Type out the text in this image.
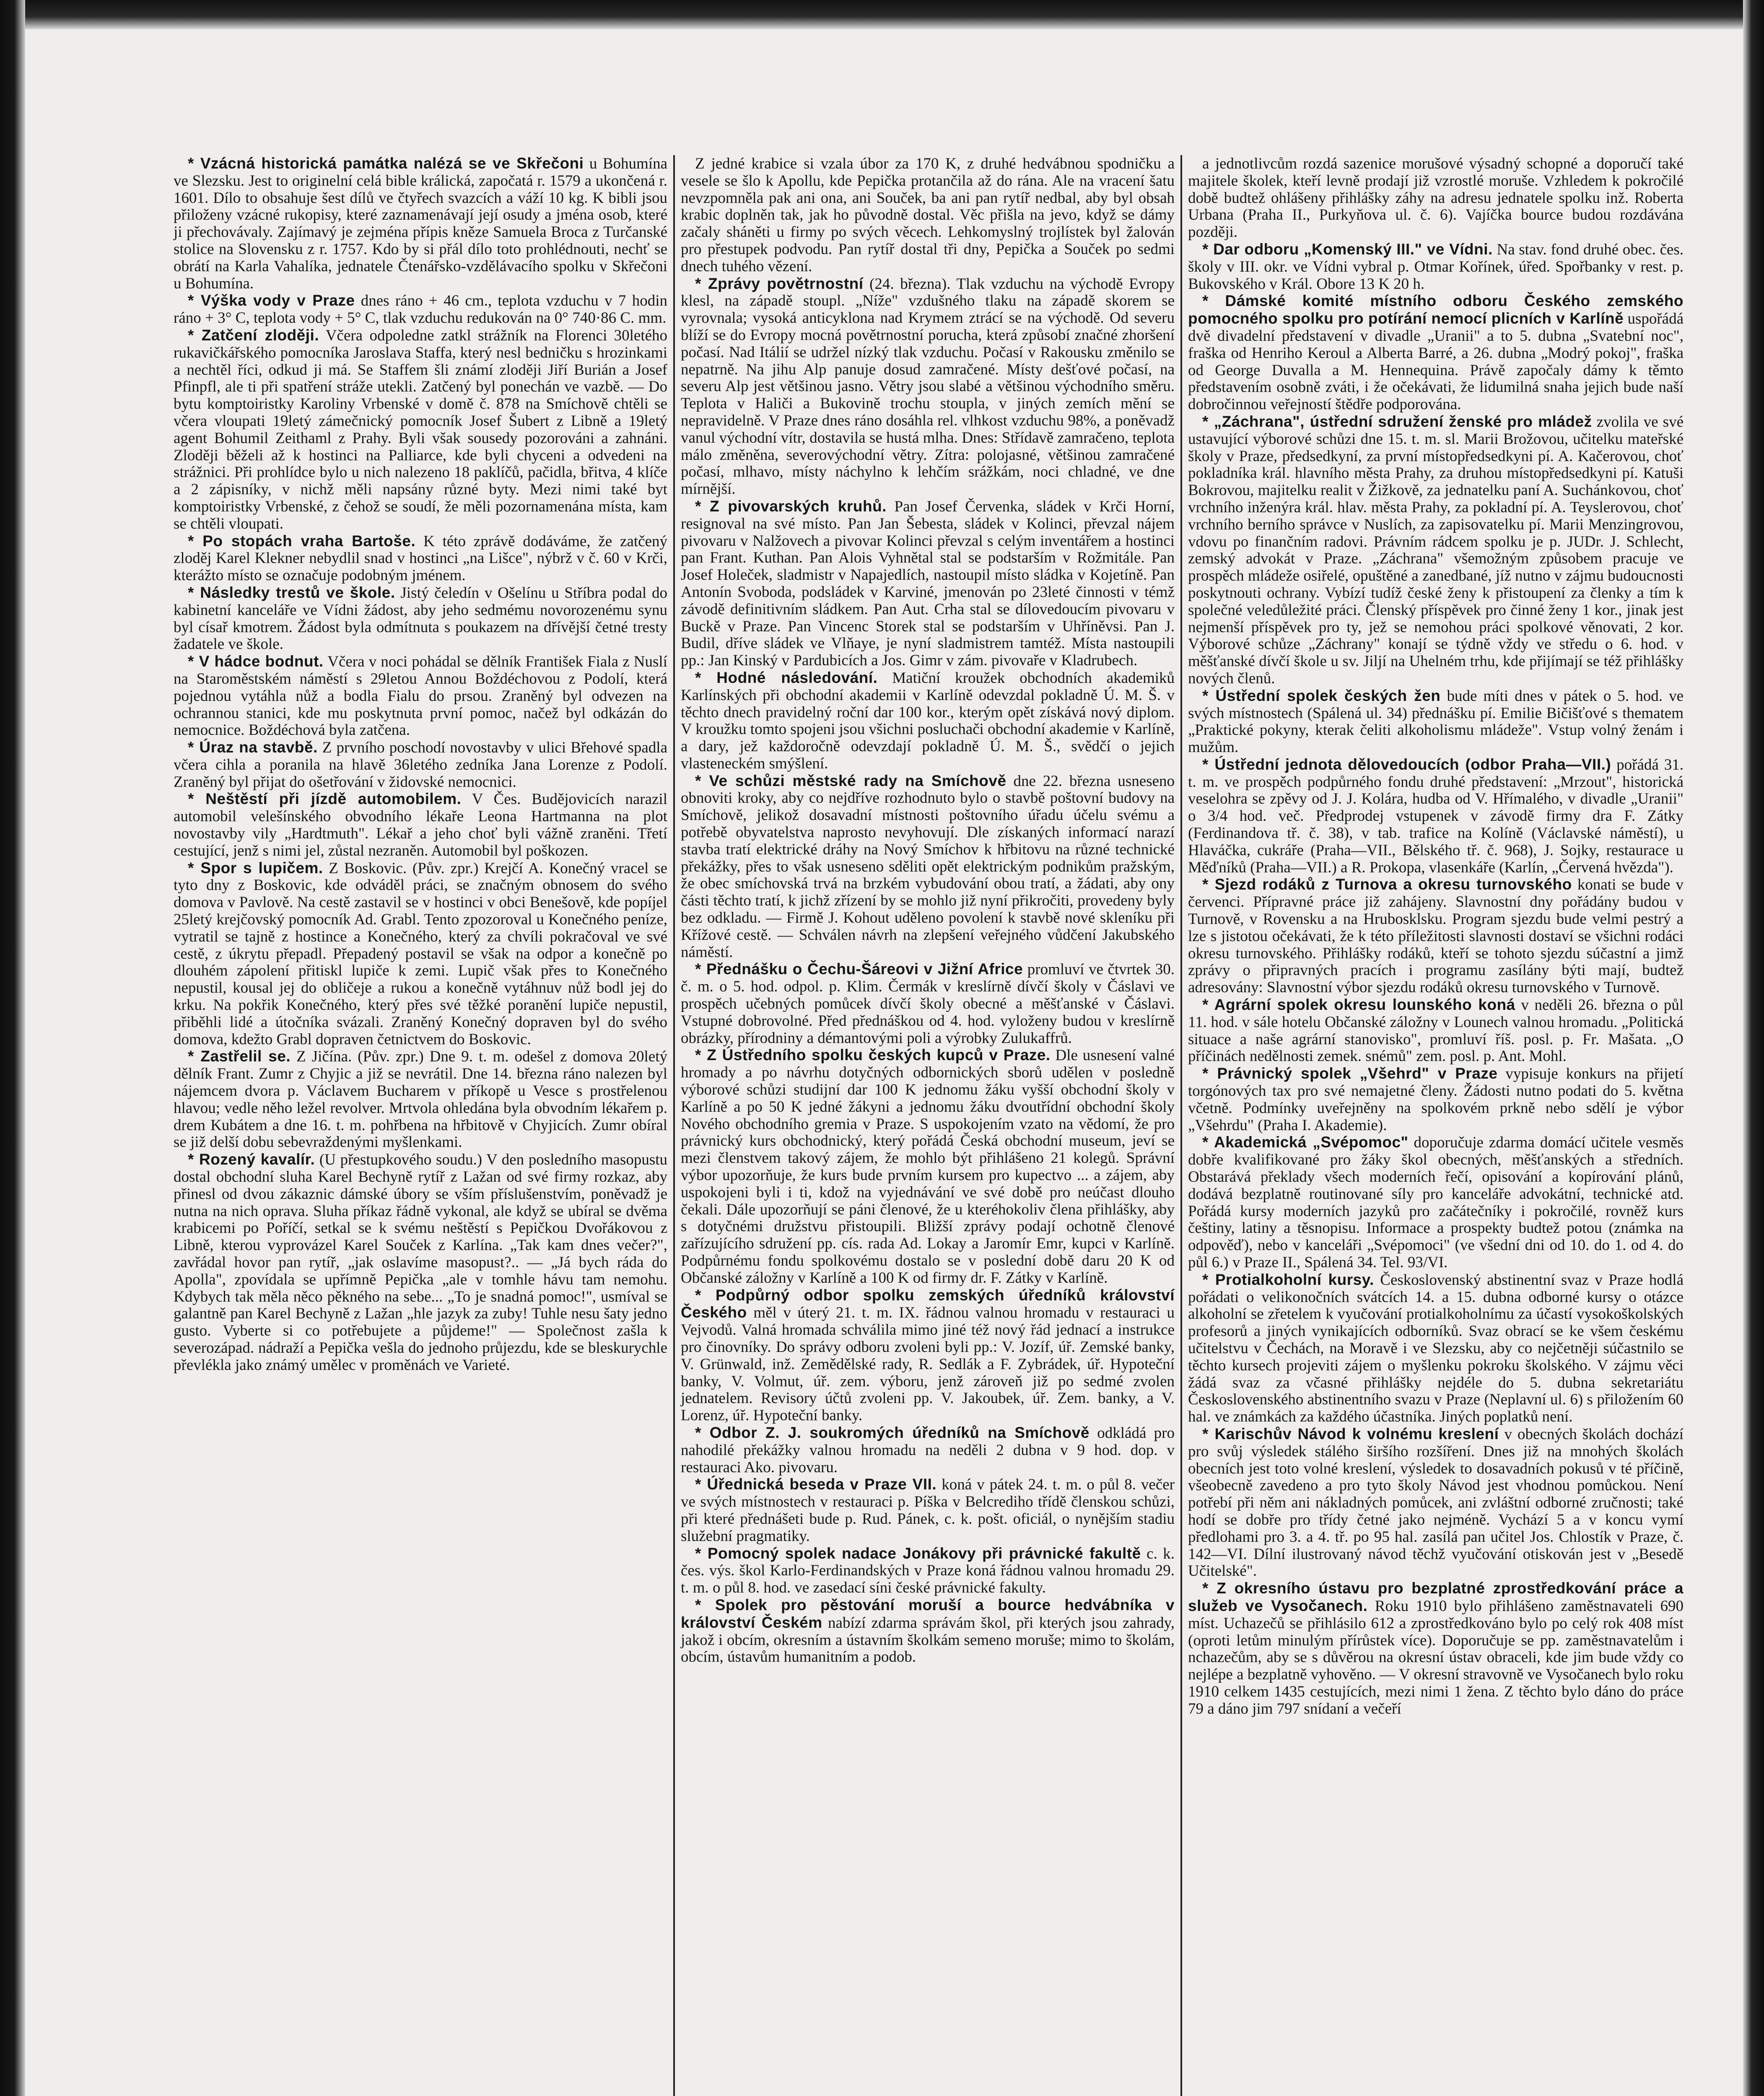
* Vzácná historická památka nalézá se ve Skřečoni u Bohumína ve Slezsku. Jest to originelní celá bible králická, započatá r. 1579 a ukončená r. 1601. Dílo to obsahuje šest dílů ve čtyřech svazcích a váží 10 kg. K bibli jsou přiloženy vzácné rukopisy, které zaznamenávají její osudy a jména osob, které ji přechovávaly. Zajímavý je zejména přípis kněze Samuela Broca z Turčanské stolice na Slovensku z r. 1757. Kdo by si přál dílo toto prohlédnouti, nechť se obrátí na Karla Vahalíka, jednatele Čtenářsko-vzdělávacího spolku v Skřečoni u Bohumína.

* Výška vody v Praze dnes ráno + 46 cm., teplota vzduchu v 7 hodin ráno + 3° C, teplota vody + 5° C, tlak vzduchu redukován na 0° 740·86 C. mm.

* Zatčení zloději. Včera odpoledne zatkl strážník na Florenci 30letého rukavičkářského pomocníka Jaroslava Staffa, který nesl bedničku s hrozinkami a nechtěl říci, odkud ji má. Se Staffem šli známí zloději Jiří Burián a Josef Pfinpfl, ale ti při spatření stráže utekli. Zatčený byl ponechán ve vazbě. — Do bytu komptoiristky Karoliny Vrbenské v domě č. 878 na Smíchově chtěli se včera vloupati 19letý zámečnický pomocník Josef Šubert z Libně a 19letý agent Bohumil Zeithaml z Prahy. Byli však sousedy pozorováni a zahnáni. Zloději běželi až k hostinci na Palliarce, kde byli chyceni a odvedeni na strážnici. Při prohlídce bylo u nich nalezeno 18 paklíčů, pačidla, břitva, 4 klíče a 2 zápisníky, v nichž měli napsány různé byty. Mezi nimi také byt komptoiristky Vrbenské, z čehož se soudí, že měli pozornamenána místa, kam se chtěli vloupati.

* Po stopách vraha Bartoše. K této zprávě dodáváme, že zatčený zloděj Karel Klekner nebydlil snad v hostinci „na Lišce", nýbrž v č. 60 v Krči, kterážto místo se označuje podobným jménem.

* Následky trestů ve škole. Jistý čeledín v Ošelínu u Stříbra podal do kabinetní kanceláře ve Vídni žádost, aby jeho sedmému novorozenému synu byl císař kmotrem. Žádost byla odmítnuta s poukazem na dřívější četné tresty žadatele ve škole.

* V hádce bodnut. Včera v noci pohádal se dělník František Fiala z Nuslí na Staroměstském náměstí s 29letou Annou Boždéchovou z Podolí, která pojednou vytáhla nůž a bodla Fialu do prsou. Zraněný byl odvezen na ochrannou stanici, kde mu poskytnuta první pomoc, načež byl odkázán do nemocnice. Boždéchová byla zatčena.

* Úraz na stavbě. Z prvního poschodí novostavby v ulici Břehové spadla včera cihla a poranila na hlavě 36letého zedníka Jana Lorenze z Podolí. Zraněný byl přijat do ošetřování v židovské nemocnici.

* Neštěstí při jízdě automobilem. V Čes. Budějovicích narazil automobil velešínského obvodního lékaře Leona Hartmanna na plot novostavby vily „Hardtmuth". Lékař a jeho choť byli vážně zraněni. Třetí cestující, jenž s nimi jel, zůstal nezraněn. Automobil byl poškozen.

* Spor s lupičem. Z Boskovic. (Pův. zpr.) Krejčí A. Konečný vracel se tyto dny z Boskovic, kde odváděl práci, se značným obnosem do svého domova v Pavlově. Na cestě zastavil se v hostinci v obci Benešově, kde popíjel 25letý krejčovský pomocník Ad. Grabl. Tento zpozoroval u Konečného peníze, vytratil se tajně z hostince a Konečného, který za chvíli pokračoval ve své cestě, z úkrytu přepadl. Přepadený postavil se však na odpor a konečně po dlouhém zápolení přitiskl lupiče k zemi. Lupič však přes to Konečného nepustil, kousal jej do obličeje a rukou a konečně vytáhnuv nůž bodl jej do krku. Na pokřik Konečného, který přes své těžké poranění lupiče nepustil, přiběhli lidé a útočníka svázali. Zraněný Konečný dopraven byl do svého domova, kdežto Grabl dopraven četnictvem do Boskovic.

* Zastřelil se. Z Jičína. (Pův. zpr.) Dne 9. t. m. odešel z domova 20letý dělník Frant. Zumr z Chyjic a již se nevrátil. Dne 14. března ráno nalezen byl nájemcem dvora p. Václavem Bucharem v příkopě u Vesce s prostřelenou hlavou; vedle něho ležel revolver. Mrtvola ohledána byla obvodním lékařem p. drem Kubátem a dne 16. t. m. pohřbena na hřbitově v Chyjicích. Zumr obíral se již delší dobu sebevraždenými myšlenkami.

* Rozený kavalír. (U přestupkového soudu.) V den posledního masopustu dostal obchodní sluha Karel Bechyně rytíř z Lažan od své firmy rozkaz, aby přinesl od dvou zákaznic dámské úbory se vším příslušenstvím, poněvadž je nutna na nich oprava. Sluha příkaz řádně vykonal, ale když se ubíral se dvěma krabicemi po Poříčí, setkal se k svému neštěstí s Pepičkou Dvořákovou z Libně, kterou vyprovázel Karel Souček z Karlína. „Tak kam dnes večer?", zavřádal hovor pan rytíř, „jak oslavíme masopust?.. — „Já bych ráda do Apolla", zpovídala se upřímně Pepička „ale v tomhle hávu tam nemohu. Kdybych tak měla něco pěkného na sebe... „To je snadná pomoc!", usmíval se galantně pan Karel Bechyně z Lažan „hle jazyk za zuby! Tuhle nesu šaty jedno gusto. Vyberte si co potřebujete a půjdeme!" — Společnost zašla k severozápad. nádraží a Pepička vešla do jednoho průjezdu, kde se bleskurychle převlékla jako známý umělec v proměnách ve Varieté.

Z jedné krabice si vzala úbor za 170 K, z druhé hedvábnou spodničku a vesele se šlo k Apollu, kde Pepička protančila až do rána. Ale na vracení šatu nevzpomněla pak ani ona, ani Souček, ba ani pan rytíř nedbal, aby byl obsah krabic doplněn tak, jak ho původně dostal. Věc přišla na jevo, když se dámy začaly sháněti u firmy po svých věcech. Lehkomyslný trojlístek byl žalován pro přestupek podvodu. Pan rytíř dostal tři dny, Pepička a Souček po sedmi dnech tuhého vězení.

* Zprávy povětrnostní (24. března). Tlak vzduchu na východě Evropy klesl, na západě stoupl. „Níže" vzdušného tlaku na západě skorem se vyrovnala; vysoká anticyklona nad Krymem ztrácí se na východě. Od severu blíží se do Evropy mocná povětrnostní porucha, která způsobí značné zhoršení počasí. Nad Itálií se udržel nízký tlak vzduchu. Počasí v Rakousku změnilo se nepatrně. Na jihu Alp panuje dosud zamračené. Místy dešťové počasí, na severu Alp jest většinou jasno. Větry jsou slabé a většinou východního směru. Teplota v Haliči a Bukovině trochu stoupla, v jiných zemích mění se nepravidelně. V Praze dnes ráno dosáhla rel. vlhkost vzduchu 98%, a poněvadž vanul východní vítr, dostavila se hustá mlha. Dnes: Střídavě zamračeno, teplota málo změněna, severovýchodní větry. Zítra: polojasné, většinou zamračené počasí, mlhavo, místy náchylno k lehčím srážkám, noci chladné, ve dne mírnější.

* Z pivovarských kruhů. Pan Josef Červenka, sládek v Krči Horní, resignoval na své místo. Pan Jan Šebesta, sládek v Kolinci, převzal nájem pivovaru v Nalžovech a pivovar Kolinci převzal s celým inventářem a hostinci pan Frant. Kuthan. Pan Alois Vyhnětal stal se podstarším v Rožmitále. Pan Josef Holeček, sladmistr v Napajedlích, nastoupil místo sládka v Kojetíně. Pan Antonín Svoboda, podsládek v Karviné, jmenován po 23leté činnosti v témž závodě definitivním sládkem. Pan Aut. Crha stal se dílovedoucím pivovaru v Buckě v Praze. Pan Vincenc Storek stal se podstarším v Uhříněvsi. Pan J. Budil, dříve sládek ve Vlňaye, je nyní sladmistrem tamtéž. Místa nastoupili pp.: Jan Kinský v Pardubicích a Jos. Gimr v zám. pivovaře v Kladrubech.

* Hodné následování. Matiční kroužek obchodních akademiků Karlínských při obchodní akademii v Karlíně odevzdal pokladně Ú. M. Š. v těchto dnech pravidelný roční dar 100 kor., kterým opět získává nový diplom. V kroužku tomto spojeni jsou všichni posluchači obchodní akademie v Karlíně, a dary, jež každoročně odevzdají pokladně Ú. M. Š., svědčí o jejich vlasteneckém smýšlení.

* Ve schůzi městské rady na Smíchově dne 22. března usneseno obnoviti kroky, aby co nejdříve rozhodnuto bylo o stavbě poštovní budovy na Smíchově, jelikož dosavadní místnosti poštovního úřadu účelu svému a potřebě obyvatelstva naprosto nevyhovují. Dle získaných informací narazí stavba tratí elektrické dráhy na Nový Smíchov k hřbitovu na různé technické překážky, přes to však usneseno sděliti opět elektrickým podnikům pražským, že obec smíchovská trvá na brzkém vybudování obou tratí, a žádati, aby ony části těchto tratí, k jichž zřízení by se mohlo již nyní přikročiti, provedeny byly bez odkladu. — Firmě J. Kohout uděleno povolení k stavbě nové skleníku při Křížové cestě. — Schválen návrh na zlepšení veřejného vůdčení Jakubského náměstí.

* Přednášku o Čechu-Šáreovi v Jižní Africe promluví ve čtvrtek 30. č. m. o 5. hod. odpol. p. Klim. Čermák v kreslírně dívčí školy v Čáslavi ve prospěch učebných pomůcek dívčí školy obecné a měšťanské v Čáslavi. Vstupné dobrovolné. Před přednáškou od 4. hod. vyloženy budou v kreslírně obrázky, přírodniny a démantovými poli a výrobky Zulukaffrů.

* Z Ústředního spolku českých kupců v Praze. Dle usnesení valné hromady a po návrhu dotyčných odbornických sborů udělen v posledně výborové schůzi studijní dar 100 K jednomu žáku vyšší obchodní školy v Karlíně a po 50 K jedné žákyni a jednomu žáku dvoutřídní obchodní školy Nového obchodního gremia v Praze. S uspokojením vzato na vědomí, že pro právnický kurs obchodnický, který pořádá Česká obchodní museum, jeví se mezi členstvem takový zájem, že mohlo být přihlášeno 21 kolegů. Správní výbor upozorňuje, že kurs bude prvním kursem pro kupectvo ... a zájem, aby uspokojeni byli i ti, kdož na vyjednávání ve své době pro neúčast dlouho čekali. Dále upozorňují se páni členové, že u kteréhokoliv člena přihlášky, aby s dotyčnémi družstvu přistoupili. Bližší zprávy podají ochotně členové zařízujícího sdružení pp. cís. rada Ad. Lokay a Jaromír Emr, kupci v Karlíně. Podpůrnému fondu spolkovému dostalo se v poslední době daru 20 K od Občanské záložny v Karlíně a 100 K od firmy dr. F. Zátky v Karlíně.

* Podpůrný odbor spolku zemských úředníků království Českého měl v úterý 21. t. m. IX. řádnou valnou hromadu v restauraci u Vejvodů. Valná hromada schválila mimo jiné též nový řád jednací a instrukce pro činovníky. Do správy odboru zvoleni byli pp.: V. Jozíf, úř. Zemské banky, V. Grünwald, inž. Zemědělské rady, R. Sedlák a F. Zybrádek, úř. Hypoteční banky, V. Volmut, úř. zem. výboru, jenž zároveň již po sedmé zvolen jednatelem. Revisory účtů zvoleni pp. V. Jakoubek, úř. Zem. banky, a V. Lorenz, úř. Hypoteční banky.

* Odbor Z. J. soukromých úředníků na Smíchově odkládá pro nahodilé překážky valnou hromadu na neděli 2 dubna v 9 hod. dop. v restauraci Ako. pivovaru.

* Úřednická beseda v Praze VII. koná v pátek 24. t. m. o půl 8. večer ve svých místnostech v restauraci p. Píška v Belcrediho třídě členskou schůzi, při které přednášeti bude p. Rud. Pánek, c. k. pošt. oficiál, o nynějším stadiu služební pragmatiky.

* Pomocný spolek nadace Jonákovy při právnické fakultě c. k. čes. výs. škol Karlo-Ferdinandských v Praze koná řádnou valnou hromadu 29. t. m. o půl 8. hod. ve zasedací síni české právnické fakulty.

* Spolek pro pěstování moruší a bource hedvábníka v království Českém nabízí zdarma správám škol, při kterých jsou zahrady, jakož i obcím, okresním a ústavním školkám semeno moruše; mimo to školám, obcím, ústavům humanitním a podob.

a jednotlivcům rozdá sazenice morušové výsadný schopné a doporučí také majitele školek, kteří levně prodají již vzrostlé moruše. Vzhledem k pokročilé době budtež ohlášeny přihlášky záhy na adresu jednatele spolku inž. Roberta Urbana (Praha II., Purkyňova ul. č. 6). Vajíčka bource budou rozdávána později.

* Dar odboru „Komenský III." ve Vídni. Na stav. fond druhé obec. čes. školy v III. okr. ve Vídni vybral p. Otmar Kořínek, úřed. Spořbanky v rest. p. Bukovského v Král. Obore 13 K 20 h.

* Dámské komité místního odboru Českého zemského pomocného spolku pro potírání nemocí plicních v Karlíně uspořádá dvě divadelní představení v divadle „Uranii" a to 5. dubna „Svatební noc", fraška od Henriho Keroul a Alberta Barré, a 26. dubna „Modrý pokoj", fraška od George Duvalla a M. Hennequina. Právě započaly dámy k těmto představením osobně zváti, i že očekávati, že lidumilná snaha jejich bude naší dobročinnou veřejností štědře podporována.

* „Záchrana", ústřední sdružení ženské pro mládež zvolila ve své ustavující výborové schůzi dne 15. t. m. sl. Marii Brožovou, učitelku mateřské školy v Praze, předsedkyní, za první místopředsedkyni pí. A. Kačerovou, choť pokladníka král. hlavního města Prahy, za druhou místopředsedkyni pí. Katuši Bokrovou, majitelku realit v Žižkově, za jednatelku paní A. Suchánkovou, choť vrchního inženýra král. hlav. města Prahy, za pokladní pí. A. Teyslerovou, choť vrchního berního správce v Nuslích, za zapisovatelku pí. Marii Menzingrovou, vdovu po finančním radovi. Právním rádcem spolku je p. JUDr. J. Schlecht, zemský advokát v Praze. „Záchrana" všemožným způsobem pracuje ve prospěch mládeže osiřelé, opuštěné a zanedbané, jíž nutno v zájmu budoucnosti poskytnouti ochrany. Vybízí tudíž české ženy k přistoupení za členky a tím k společné veledůležité práci. Členský příspěvek pro činné ženy 1 kor., jinak jest nejmenší příspěvek pro ty, jež se nemohou práci spolkové věnovati, 2 kor. Výborové schůze „Záchrany" konají se týdně vždy ve středu o 6. hod. v měšťanské dívčí škole u sv. Jiljí na Uhelném trhu, kde přijímají se též přihlášky nových členů.

* Ústřední spolek českých žen bude míti dnes v pátek o 5. hod. ve svých místnostech (Spálená ul. 34) přednášku pí. Emilie Bičišťové s thematem „Praktické pokyny, kterak čeliti alkoholismu mládeže". Vstup volný ženám i mužům.

* Ústřední jednota dělovedoucích (odbor Praha—VII.) pořádá 31. t. m. ve prospěch podpůrného fondu druhé představení: „Mrzout", historická veselohra se zpěvy od J. J. Kolára, hudba od V. Hřímalého, v divadle „Uranii" o 3/4 hod. več. Předprodej vstupenek v závodě firmy dra F. Zátky (Ferdinandova tř. č. 38), v tab. trafice na Kolíně (Václavské náměstí), u Hlaváčka, cukráře (Praha—VII., Bělského tř. č. 968), J. Sojky, restaurace u Měďníků (Praha—VII.) a R. Prokopa, vlasenkáře (Karlín, „Červená hvězda").

* Sjezd rodáků z Turnova a okresu turnovského konati se bude v červenci. Přípravné práce již zahájeny. Slavnostní dny pořádány budou v Turnově, v Rovensku a na Hrubosklsku. Program sjezdu bude velmi pestrý a lze s jistotou očekávati, že k této příležitosti slavnosti dostaví se všichni rodáci okresu turnovského. Přihlášky rodáků, kteří se tohoto sjezdu súčastní a jimž zprávy o připravných pracích i programu zasílány býti mají, budtež adresovány: Slavnostní výbor sjezdu rodáků okresu turnovského v Turnově.

* Agrární spolek okresu lounského koná v neděli 26. března o půl 11. hod. v sále hotelu Občanské záložny v Lounech valnou hromadu. „Politická situace a naše agrární stanovisko", promluví říš. posl. p. Fr. Mašata. „O příčinách nedělnosti zemek. snémů" zem. posl. p. Ant. Mohl.

* Právnický spolek „Všehrd" v Praze vypisuje konkurs na přijetí torgónových tax pro své nemajetné členy. Žádosti nutno podati do 5. května včetně. Podmínky uveřejněny na spolkovém prkně nebo sdělí je výbor „Všehrdu" (Praha I. Akademie).

* Akademická „Svépomoc" doporučuje zdarma domácí učitele vesměs dobře kvalifikované pro žáky škol obecných, měšťanských a středních. Obstarává překlady všech moderních řečí, opisování a kopírování plánů, dodává bezplatně routinované síly pro kanceláře advokátní, technické atd. Pořádá kursy moderních jazyků pro začátečníky i pokročilé, rovněž kurs češtiny, latiny a těsnopisu. Informace a prospekty budtež potou (známka na odpověď), nebo v kanceláři „Svépomoci" (ve všední dni od 10. do 1. od 4. do půl 6.) v Praze II., Spálená 34. Tel. 93/VI.

* Protialkoholní kursy. Československý abstinentní svaz v Praze hodlá pořádati o velikonočních svátcích 14. a 15. dubna odborné kursy o otázce alkoholní se zřetelem k vyučování protialkoholnímu za účastí vysokoškolských profesorů a jiných vynikajících odborníků. Svaz obrací se ke všem českému učitelstvu v Čechách, na Moravě i ve Slezsku, aby co nejčetněji súčastnilo se těchto kursech projeviti zájem o myšlenku pokroku školského. V zájmu věci žádá svaz za včasné přihlášky nejdéle do 5. dubna sekretariátu Československého abstinentního svazu v Praze (Neplavní ul. 6) s přiložením 60 hal. ve známkách za každého účastníka. Jiných poplatků není.

* Karischův Návod k volnému kreslení v obecných školách dochází pro svůj výsledek stálého širšího rozšíření. Dnes již na mnohých školách obecních jest toto volné kreslení, výsledek to dosavadních pokusů v té příčině, všeobecně zavedeno a pro tyto školy Návod jest vhodnou pomůckou. Není potřebí při něm ani nákladných pomůcek, ani zvláštní odborné zručnosti; také hodí se dobře pro třídy četné jako nejméně. Vychází 5 a v koncu vymí předlohami pro 3. a 4. tř. po 95 hal. zasílá pan učitel Jos. Chlostík v Praze, č. 142—VI. Dílní ilustrovaný návod těchž vyučování otiskován jest v „Besedě Učitelské".

* Z okresního ústavu pro bezplatné zprostředkování práce a služeb ve Vysočanech. Roku 1910 bylo přihlášeno zaměstnavateli 690 míst. Uchazečů se přihlásilo 612 a zprostředkováno bylo po celý rok 408 míst (oproti letům minulým přírůstek více). Doporučuje se pp. zaměstnavatelům i nchazečům, aby se s důvěrou na okresní ústav obraceli, kde jim bude vždy co nejlépe a bezplatně vyhověno. — V okresní stravovně ve Vysočanech bylo roku 1910 celkem 1435 cestujících, mezi nimi 1 žena. Z těchto bylo dáno do práce 79 a dáno jim 797 snídaní a večeří
